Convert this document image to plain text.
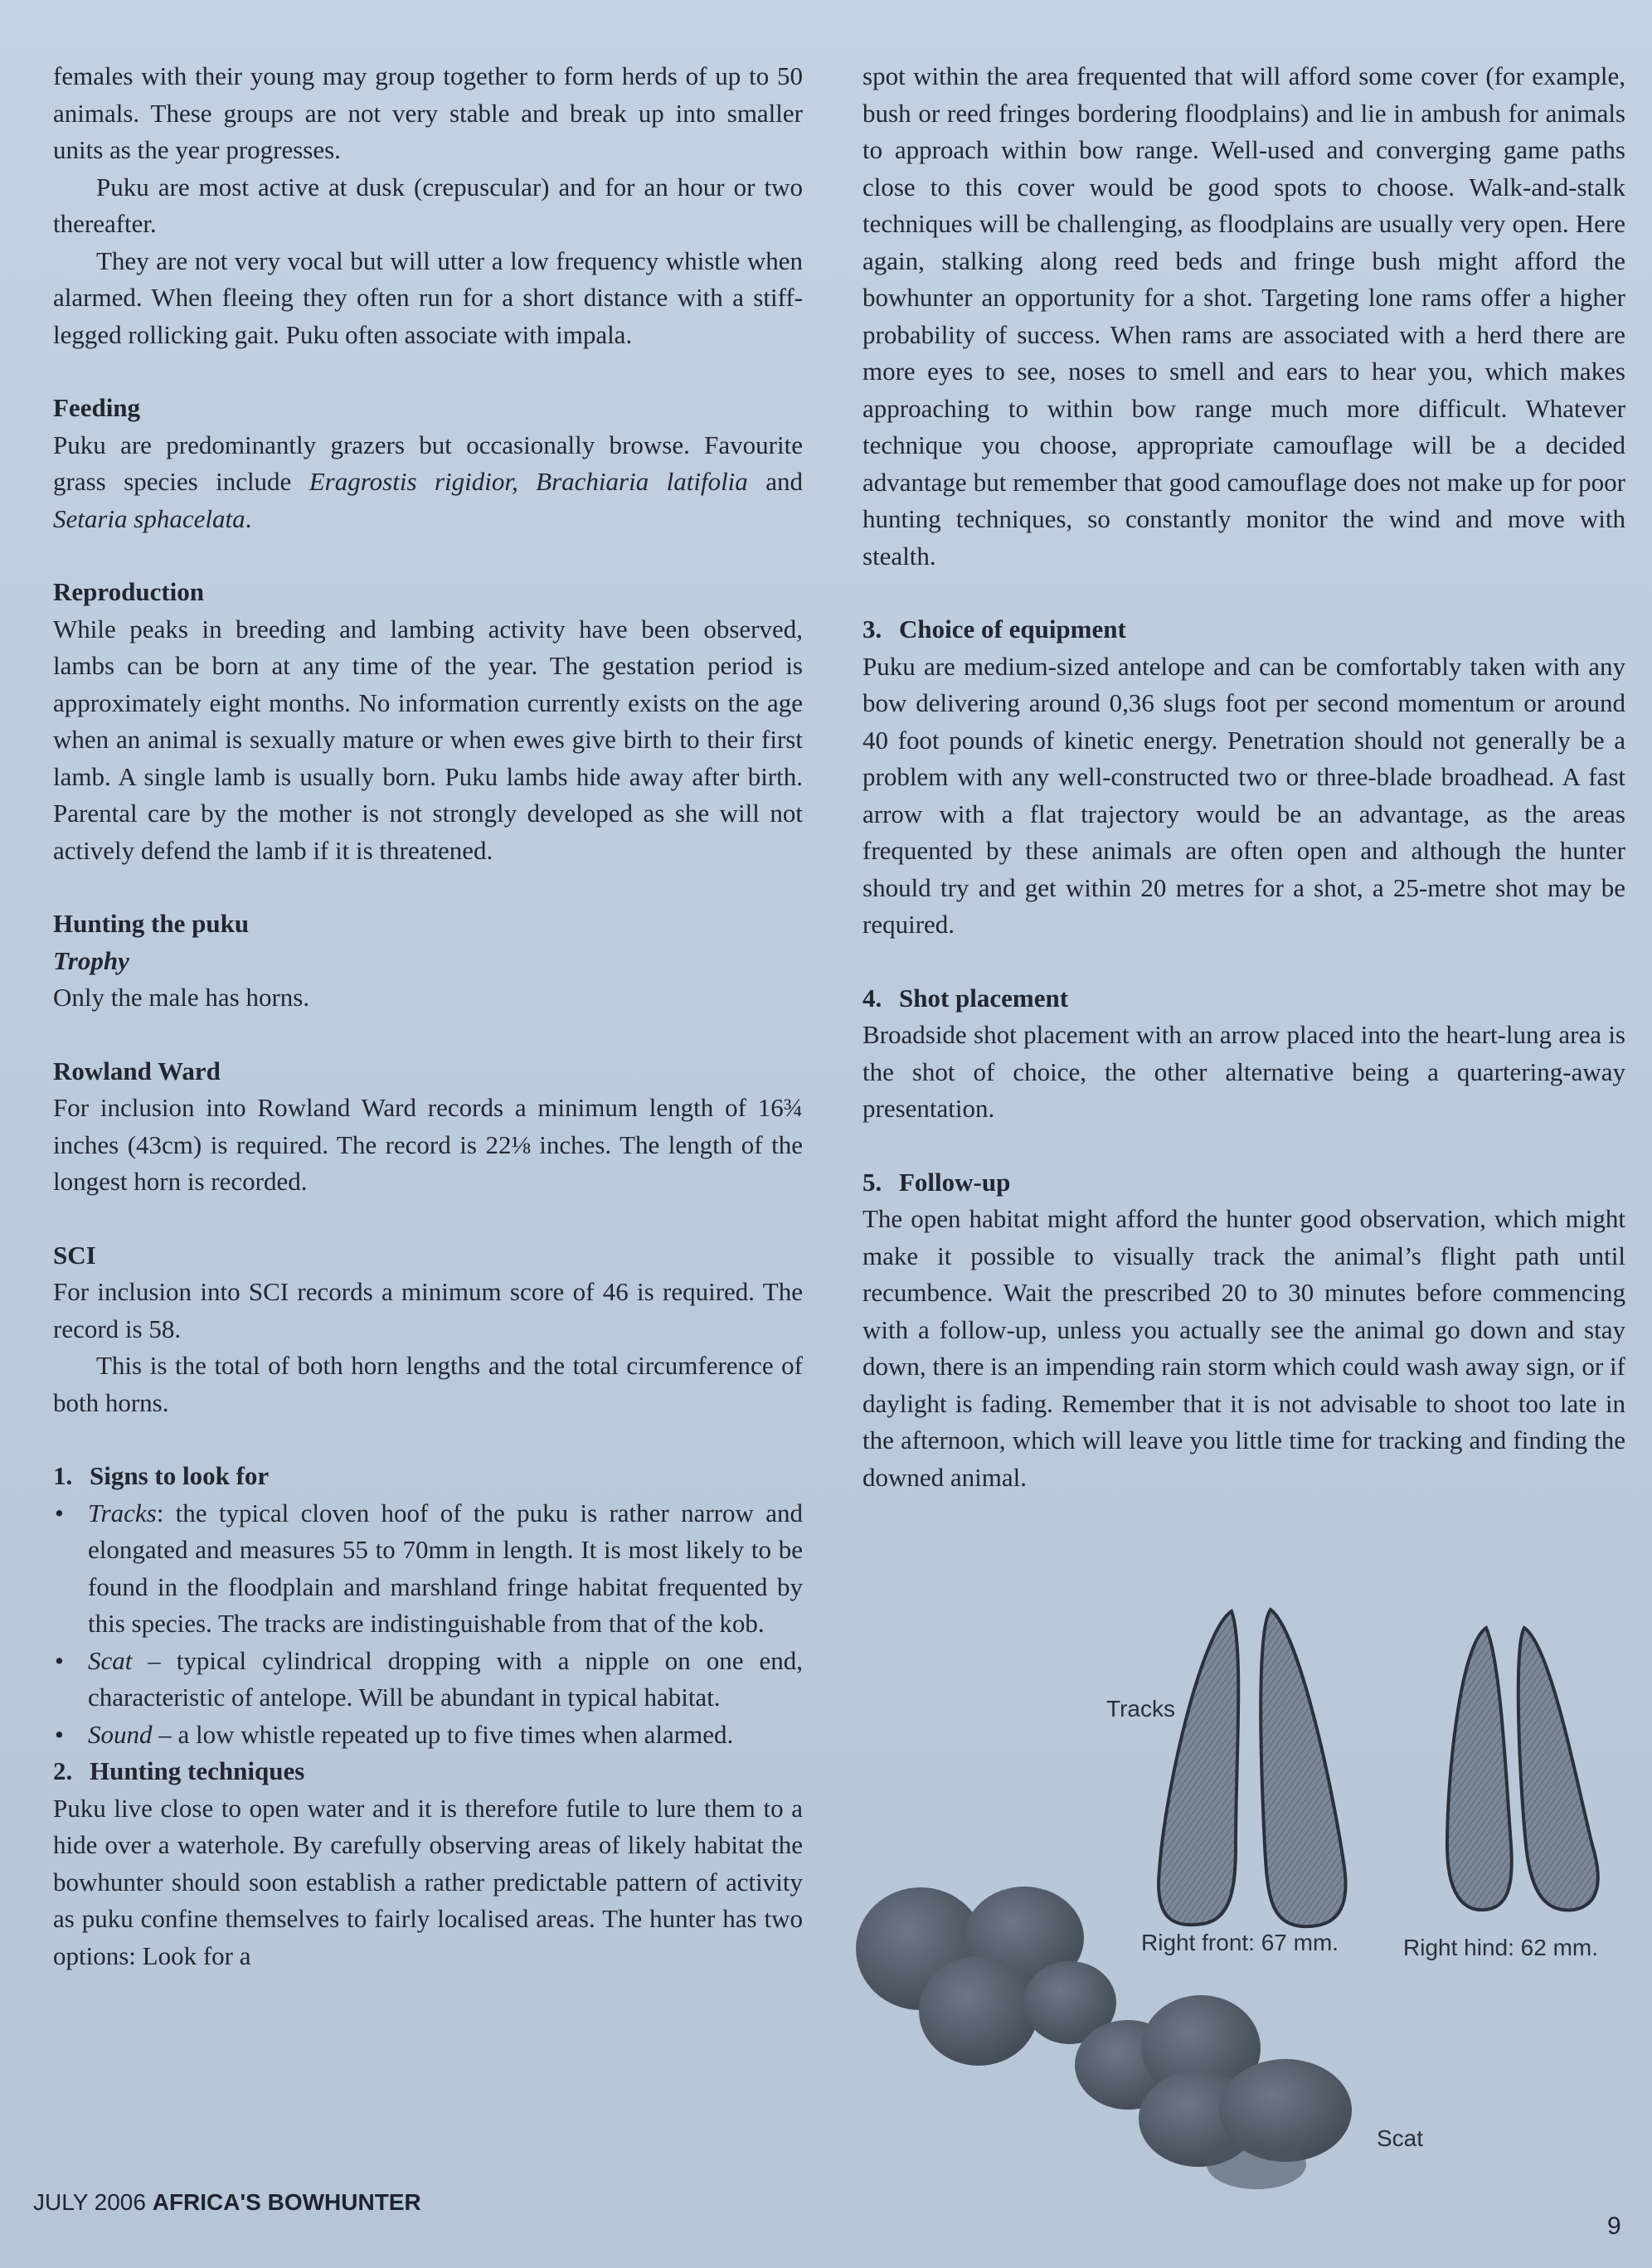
females with their young may group together to form herds of up to 50 animals. These groups are not very stable and break up into smaller units as the year progresses.

Puku are most active at dusk (crepuscular) and for an hour or two thereafter.

They are not very vocal but will utter a low frequency whistle when alarmed. When fleeing they often run for a short distance with a stiff-legged rollicking gait. Puku often associate with impala.

Feeding

Puku are predominantly grazers but occasionally browse. Favourite grass species include Eragrostis rigidior, Brachiaria latifolia and Setaria sphacelata.

Reproduction

While peaks in breeding and lambing activity have been observed, lambs can be born at any time of the year. The gestation period is approximately eight months. No information currently exists on the age when an animal is sexually mature or when ewes give birth to their first lamb. A single lamb is usually born. Puku lambs hide away after birth. Parental care by the mother is not strongly developed as she will not actively defend the lamb if it is threatened.

Hunting the puku
Trophy

Only the male has horns.

Rowland Ward

For inclusion into Rowland Ward records a minimum length of 16¾ inches (43cm) is required. The record is 22⅛ inches. The length of the longest horn is recorded.

SCI

For inclusion into SCI records a minimum score of 46 is required. The record is 58.

This is the total of both horn lengths and the total circumference of both horns.

1. Signs to look for
• Tracks: the typical cloven hoof of the puku is rather narrow and elongated and measures 55 to 70mm in length. It is most likely to be found in the floodplain and marshland fringe habitat frequented by this species. The tracks are indistinguishable from that of the kob.
• Scat – typical cylindrical dropping with a nipple on one end, characteristic of antelope. Will be abundant in typical habitat.
• Sound – a low whistle repeated up to five times when alarmed.
2. Hunting techniques

Puku live close to open water and it is therefore futile to lure them to a hide over a waterhole. By carefully observing areas of likely habitat the bowhunter should soon establish a rather predictable pattern of activity as puku confine themselves to fairly localised areas. The hunter has two options: Look for a

spot within the area frequented that will afford some cover (for example, bush or reed fringes bordering floodplains) and lie in ambush for animals to approach within bow range. Well-used and converging game paths close to this cover would be good spots to choose. Walk-and-stalk techniques will be challenging, as floodplains are usually very open. Here again, stalking along reed beds and fringe bush might afford the bowhunter an opportunity for a shot. Targeting lone rams offer a higher probability of success. When rams are associated with a herd there are more eyes to see, noses to smell and ears to hear you, which makes approaching to within bow range much more difficult. Whatever technique you choose, appropriate camouflage will be a decided advantage but remember that good camouflage does not make up for poor hunting techniques, so constantly monitor the wind and move with stealth.

3. Choice of equipment

Puku are medium-sized antelope and can be comfortably taken with any bow delivering around 0,36 slugs foot per second momentum or around 40 foot pounds of kinetic energy. Penetration should not generally be a problem with any well-constructed two or three-blade broadhead. A fast arrow with a flat trajectory would be an advantage, as the areas frequented by these animals are often open and although the hunter should try and get within 20 metres for a shot, a 25-metre shot may be required.

4. Shot placement

Broadside shot placement with an arrow placed into the heart-lung area is the shot of choice, the other alternative being a quartering-away presentation.

5. Follow-up

The open habitat might afford the hunter good observation, which might make it possible to visually track the animal’s flight path until recumbence. Wait the prescribed 20 to 30 minutes before commencing with a follow-up, unless you actually see the animal go down and stay down, there is an impending rain storm which could wash away sign, or if daylight is fading. Remember that it is not advisable to shoot too late in the afternoon, which will leave you little time for tracking and finding the downed animal.

Tracks
Right front: 67 mm.	Right hind: 62 mm.
Scat
JULY 2006 AFRICA'S BOWHUNTER
9
